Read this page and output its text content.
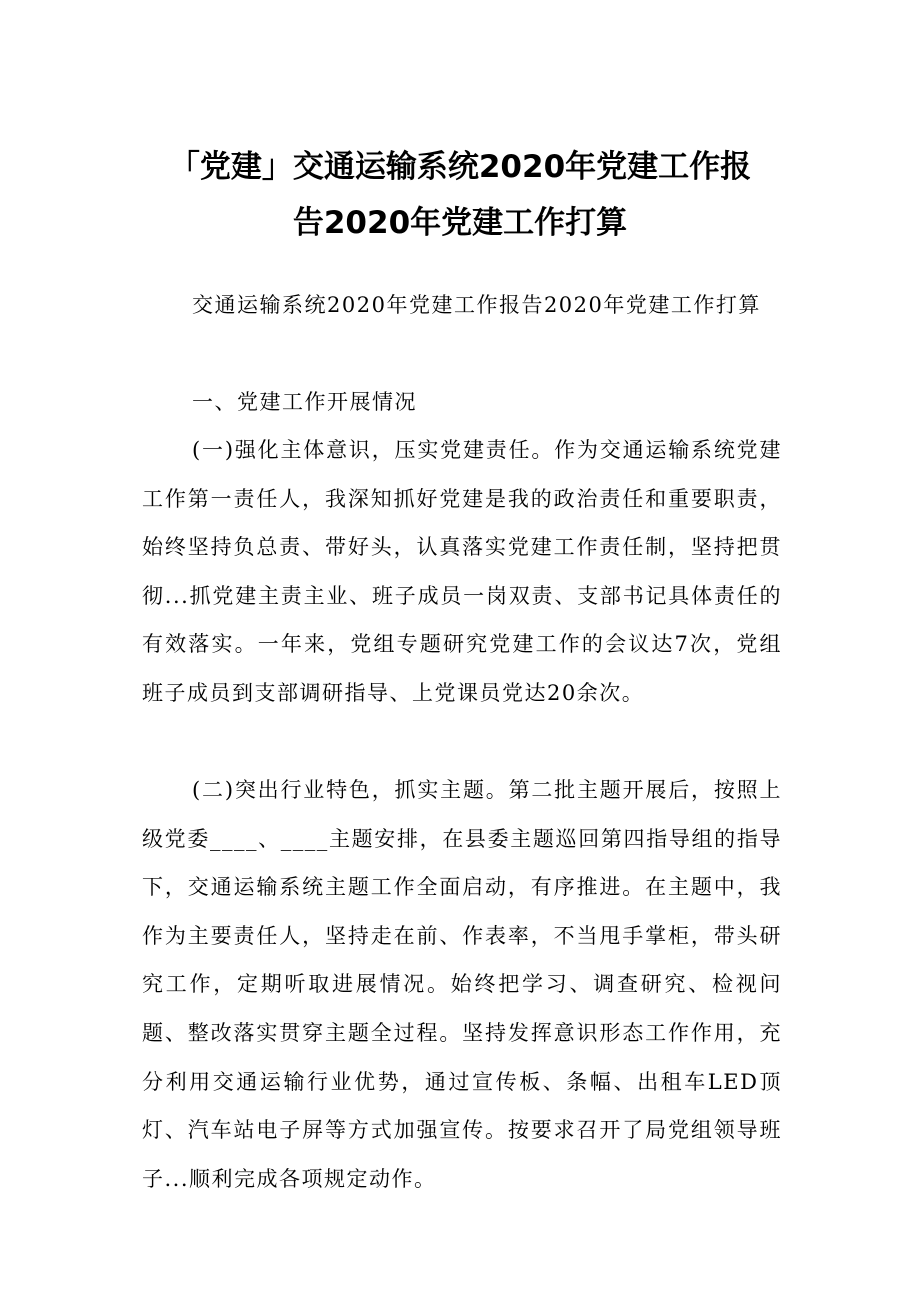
「党建」交通运输系统2020年党建工作报
告2020年党建工作打算

交通运输系统2020年党建工作报告2020年党建工作打算

一、党建工作开展情况

(一)强化主体意识，压实党建责任。作为交通运输系统党建工作第一责任人，我深知抓好党建是我的政治责任和重要职责，始终坚持负总责、带好头，认真落实党建工作责任制，坚持把贯彻...抓党建主责主业、班子成员一岗双责、支部书记具体责任的有效落实。一年来，党组专题研究党建工作的会议达7次，党组班子成员到支部调研指导、上党课员党达20余次。

(二)突出行业特色，抓实主题。第二批主题开展后，按照上级党委____、____主题安排，在县委主题巡回第四指导组的指导下，交通运输系统主题工作全面启动，有序推进。在主题中，我作为主要责任人，坚持走在前、作表率，不当甩手掌柜，带头研究工作，定期听取进展情况。始终把学习、调查研究、检视问题、整改落实贯穿主题全过程。坚持发挥意识形态工作作用，充分利用交通运输行业优势，通过宣传板、条幅、出租车LED顶灯、汽车站电子屏等方式加强宣传。按要求召开了局党组领导班子...顺利完成各项规定动作。
